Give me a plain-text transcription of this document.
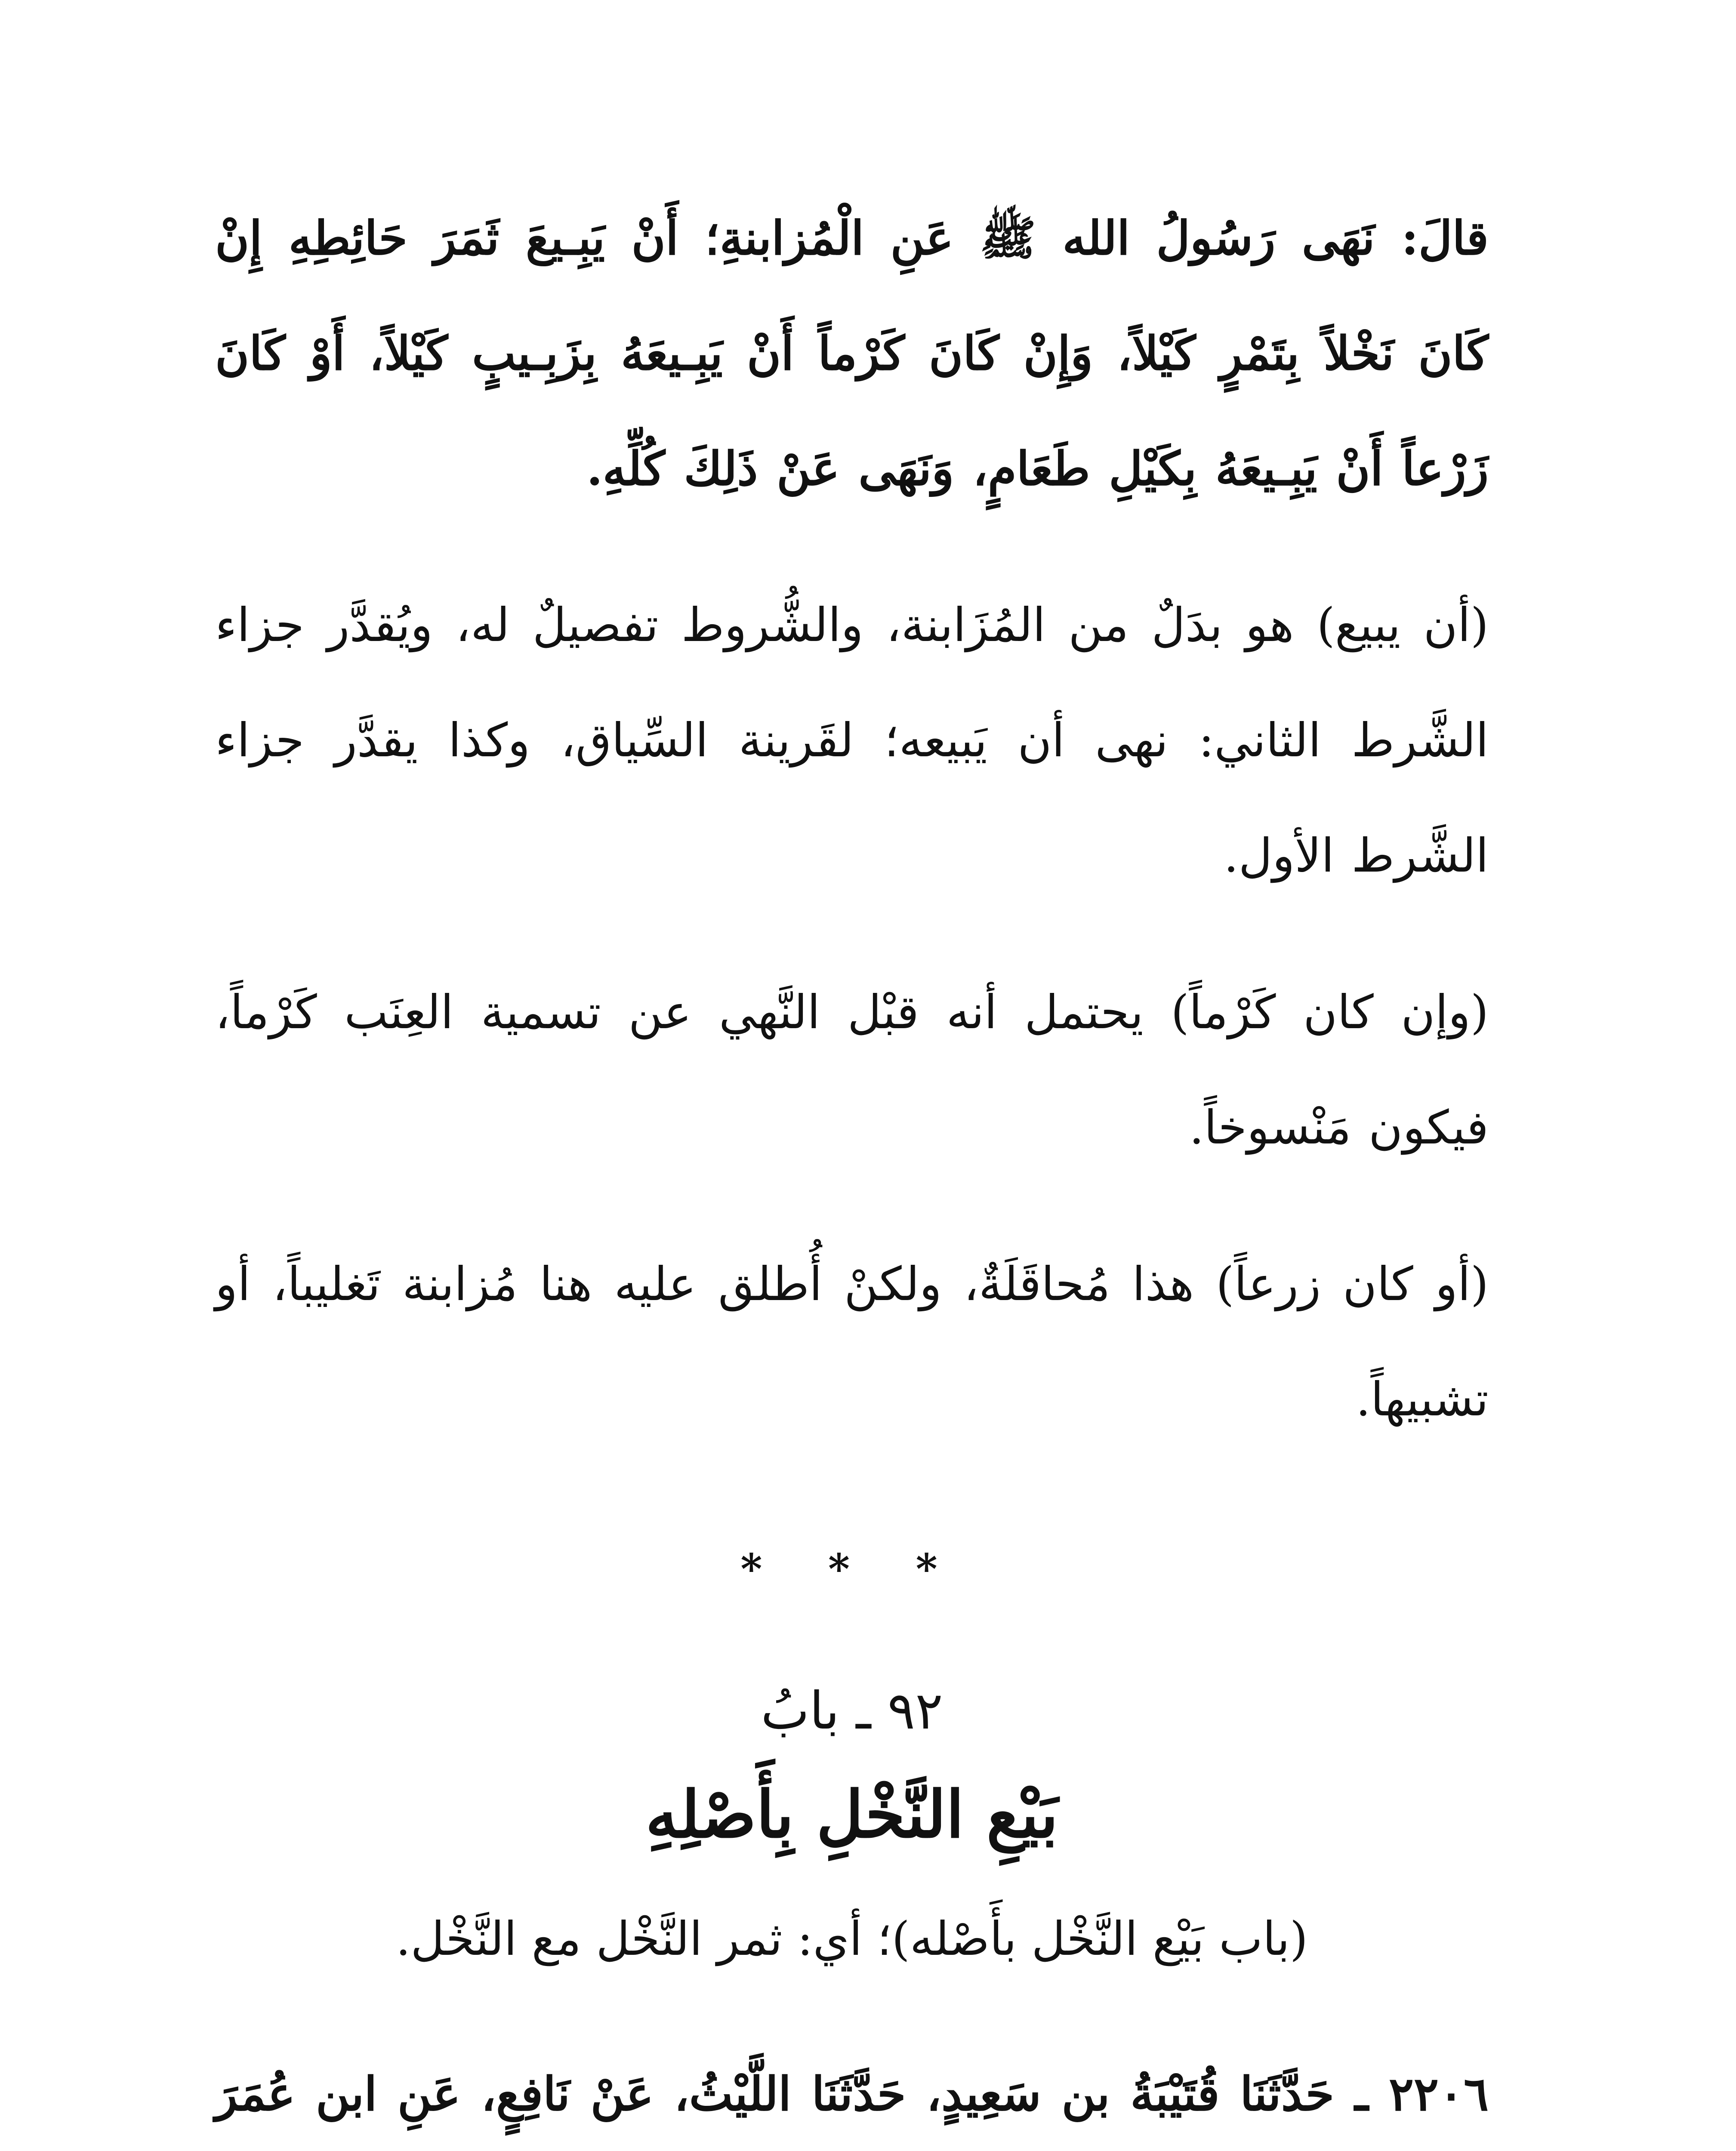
قالَ: نَهَى رَسُولُ الله ﷺ عَنِ الْمُزابنةِ؛ أَنْ يَبِـيعَ ثَمَرَ حَائِطِهِ إِنْ كَانَ نَخْلاً بِتَمْرٍ كَيْلاً، وَإِنْ كَانَ كَرْماً أَنْ يَبِـيعَهُ بِزَبِـيبٍ كَيْلاً، أَوْ كَانَ زَرْعاً أَنْ يَبِـيعَهُ بِكَيْلِ طَعَامٍ، وَنَهَى عَنْ ذَلِكَ كُلِّهِ.

(أن يبيع) هو بدَلٌ من المُزَابنة، والشُّروط تفصيلٌ له، ويُقدَّر جزاء الشَّرط الثاني: نهى أن يَبيعه؛ لقَرينة السِّياق، وكذا يقدَّر جزاء الشَّرط الأول.

(وإن كان كَرْماً) يحتمل أنه قبْل النَّهي عن تسمية العِنَب كَرْماً، فيكون مَنْسوخاً.

(أو كان زرعاً) هذا مُحاقَلَةٌ، ولكنْ أُطلق عليه هنا مُزابنة تَغليباً، أو تشبيهاً.

* * *
٩٢ ـ بابُ
بَيْعِ النَّخْلِ بِأَصْلِهِ
(باب بَيْع النَّخْل بأَصْله)؛ أي: ثمر النَّخْل مع النَّخْل.

٢٢٠٦ ـ حَدَّثَنَا قُتَيْبَةُ بن سَعِيدٍ، حَدَّثَنَا اللَّيْثُ، عَنْ نَافِعٍ، عَنِ ابن عُمَرَ
